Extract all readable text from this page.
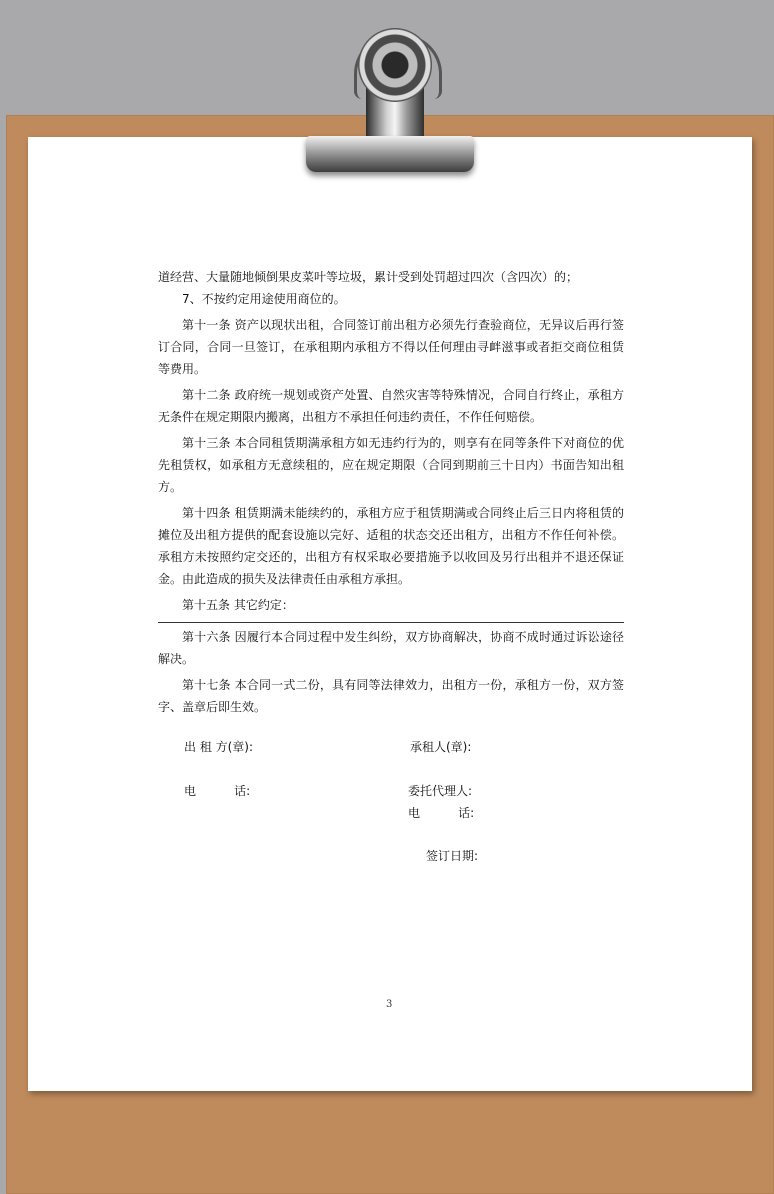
道经营、大量随地倾倒果皮菜叶等垃圾，累计受到处罚超过四次（含四次）的；

7、不按约定用途使用商位的。

第十一条 资产以现状出租，合同签订前出租方必须先行查验商位，无异议后再行签订合同，合同一旦签订，在承租期内承租方不得以任何理由寻衅滋事或者拒交商位租赁等费用。

第十二条 政府统一规划或资产处置、自然灾害等特殊情况，合同自行终止，承租方无条件在规定期限内搬离，出租方不承担任何违约责任，不作任何赔偿。

第十三条 本合同租赁期满承租方如无违约行为的，则享有在同等条件下对商位的优先租赁权，如承租方无意续租的，应在规定期限（合同到期前三十日内）书面告知出租方。

第十四条 租赁期满未能续约的，承租方应于租赁期满或合同终止后三日内将租赁的摊位及出租方提供的配套设施以完好、适租的状态交还出租方，出租方不作任何补偿。承租方未按照约定交还的，出租方有权采取必要措施予以收回及另行出租并不退还保证金。由此造成的损失及法律责任由承租方承担。

第十五条 其它约定：

第十六条 因履行本合同过程中发生纠纷，双方协商解决，协商不成时通过诉讼途径解决。

第十七条 本合同一式二份，具有同等法律效力，出租方一份，承租方一份，双方签字、盖章后即生效。

出 租 方(章):	承租人(章):
电          话:	委托代理人:
电          话:
签订日期:
3
